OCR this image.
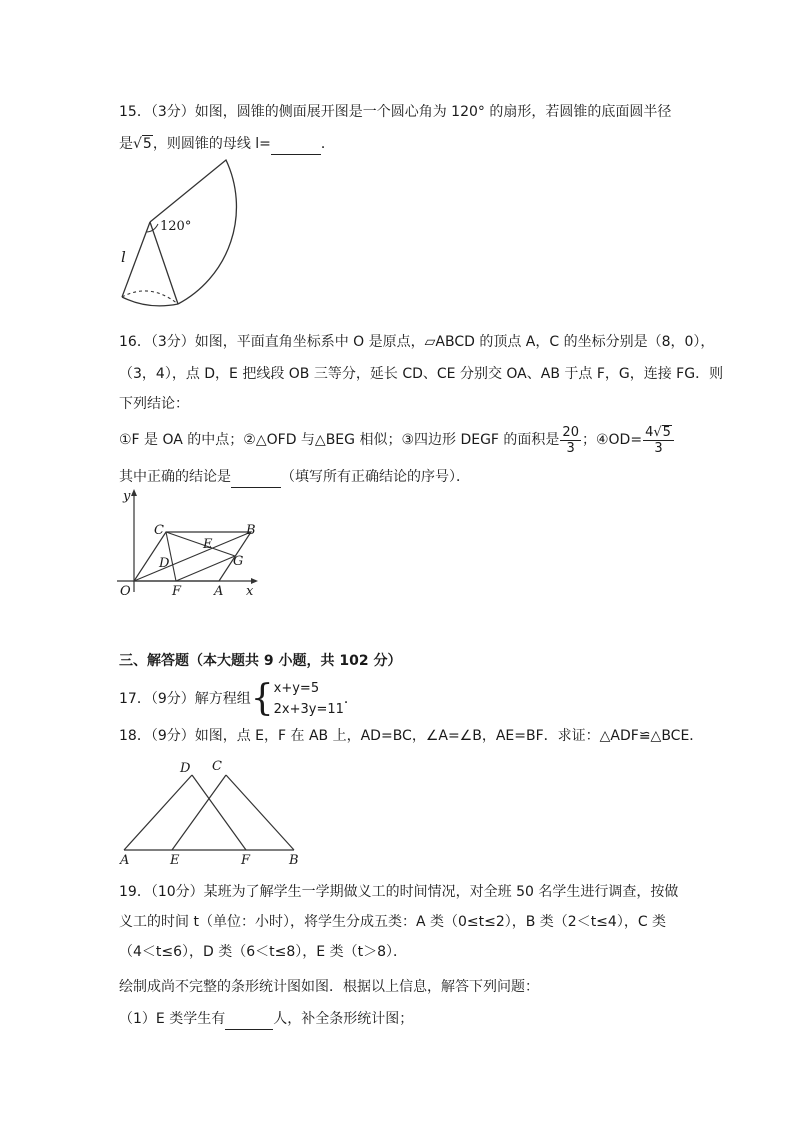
15．（3分）如图，圆锥的侧面展开图是一个圆心角为 120° 的扇形，若圆锥的底面圆半径
是√5，则圆锥的母线 l=	．
120°
l
16．（3分）如图，平面直角坐标系中 O 是原点，▱ABCD 的顶点 A，C 的坐标分别是（8，0），
（3，4），点 D，E 把线段 OB 三等分，延长 CD、CE 分别交 OA、AB 于点 F，G，连接 FG．则
下列结论：
①F 是 OA 的中点；②△OFD 与△BEG 相似；③四边形 DEGF 的面积是 $\frac{20}{3}$ ；④OD= $\frac{4√5}{3}$
其中正确的结论是	（填写所有正确结论的序号）．
y
x
O
C	B
E
D	G
F	A
三、解答题（本大题共 9 小题，共 102 分）
17．（9分）解方程组{ x+y=5
2x+3y=11
．
18．（9分）如图，点 E，F 在 AB 上，AD=BC，∠A=∠B，AE=BF．求证：△ADF≌△BCE．
D C
A	E	F	B
19．（10分）某班为了解学生一学期做义工的时间情况，对全班 50 名学生进行调查，按做
义工的时间 t（单位：小时），将学生分成五类：A 类（0≤t≤2），B 类（2＜t≤4），C 类
（4＜t≤6），D 类（6＜t≤8），E 类（t＞8）．
绘制成尚不完整的条形统计图如图．根据以上信息，解答下列问题：
（1）E 类学生有	人，补全条形统计图；
